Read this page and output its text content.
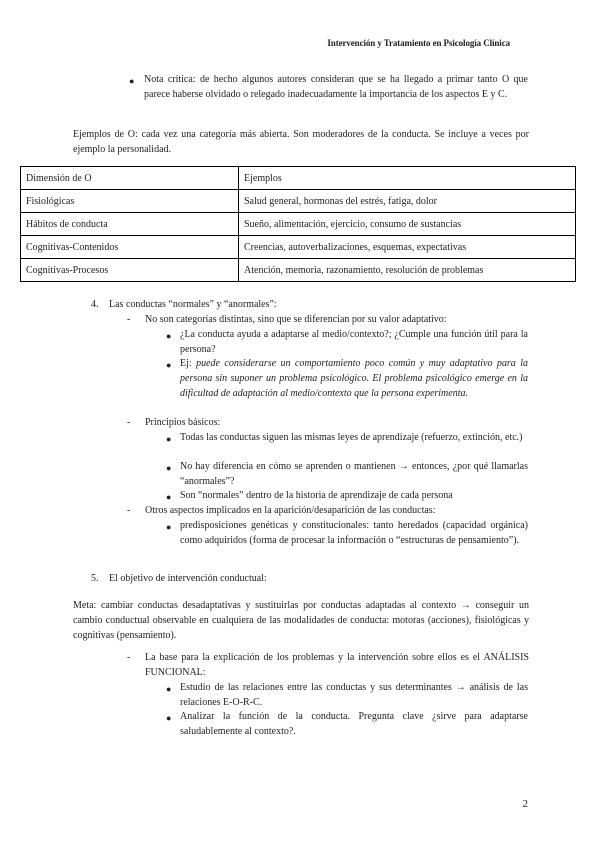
Intervención y Tratamiento en Psicología Clínica
● Nota crítica: de hecho algunos autores consideran que se ha llegado a primar tanto O que parece haberse olvidado o relegado inadecuadamente la importancia de los aspectos E y C.
Ejemplos de O: cada vez una categoría más abierta. Son moderadores de la conducta. Se incluye a veces por ejemplo la personalidad.
Dimensión de O	Ejemplos
Fisiológicas	Salud general, hormonas del estrés, fatiga, dolor
Hábitos de conducta	Sueño, alimentación, ejercicio, consumo de sustancias
Cognitivas-Contenidos	Creencias, autoverbalizaciones, esquemas, expectativas
Cognitivas-Procesos	Atención, memoria, razonamiento, resolución de problemas
4. Las conductas “normales” y “anormales”:
- No son categorías distintas, sino que se diferencian por su valor adaptativo:
● ¿La conducta ayuda a adaptarse al medio/contexto?; ¿Cumple una función útil para la persona?
● Ej: puede considerarse un comportamiento poco común y muy adaptativo para la persona sin suponer un problema psicológico. El problema psicológico emerge en la dificultad de adaptación al medio/contexto que la persona experimenta.
- Principios básicos:
● Todas las conductas siguen las mismas leyes de aprendizaje (refuerzo, extinción, etc.)
● No hay diferencia en cómo se aprenden o mantienen → entonces, ¿por qué llamarlas “anormales”?
● Son “normales” dentro de la historia de aprendizaje de cada persona
- Otros aspectos implicados en la aparición/desaparición de las conductas:
● predisposiciones genéticas y constitucionales: tanto heredados (capacidad orgánica) como adquiridos (forma de procesar la información o “estructuras de pensamiento”).
5. El objetivo de intervención conductual:
Meta: cambiar conductas desadaptativas y sustituirlas por conductas adaptadas al contexto → conseguir un cambio conductual observable en cualquiera de las modalidades de conducta: motoras (acciones), fisiológicas y cognitivas (pensamiento).
- La base para la explicación de los problemas y la intervención sobre ellos es el ANÁLISIS FUNCIONAL:
● Estudio de las relaciones entre las conductas y sus determinantes → análisis de las relaciones E-O-R-C.
● Analizar la función de la conducta. Pregunta clave ¿sirve para adaptarse saludablemente al contexto?.
2
